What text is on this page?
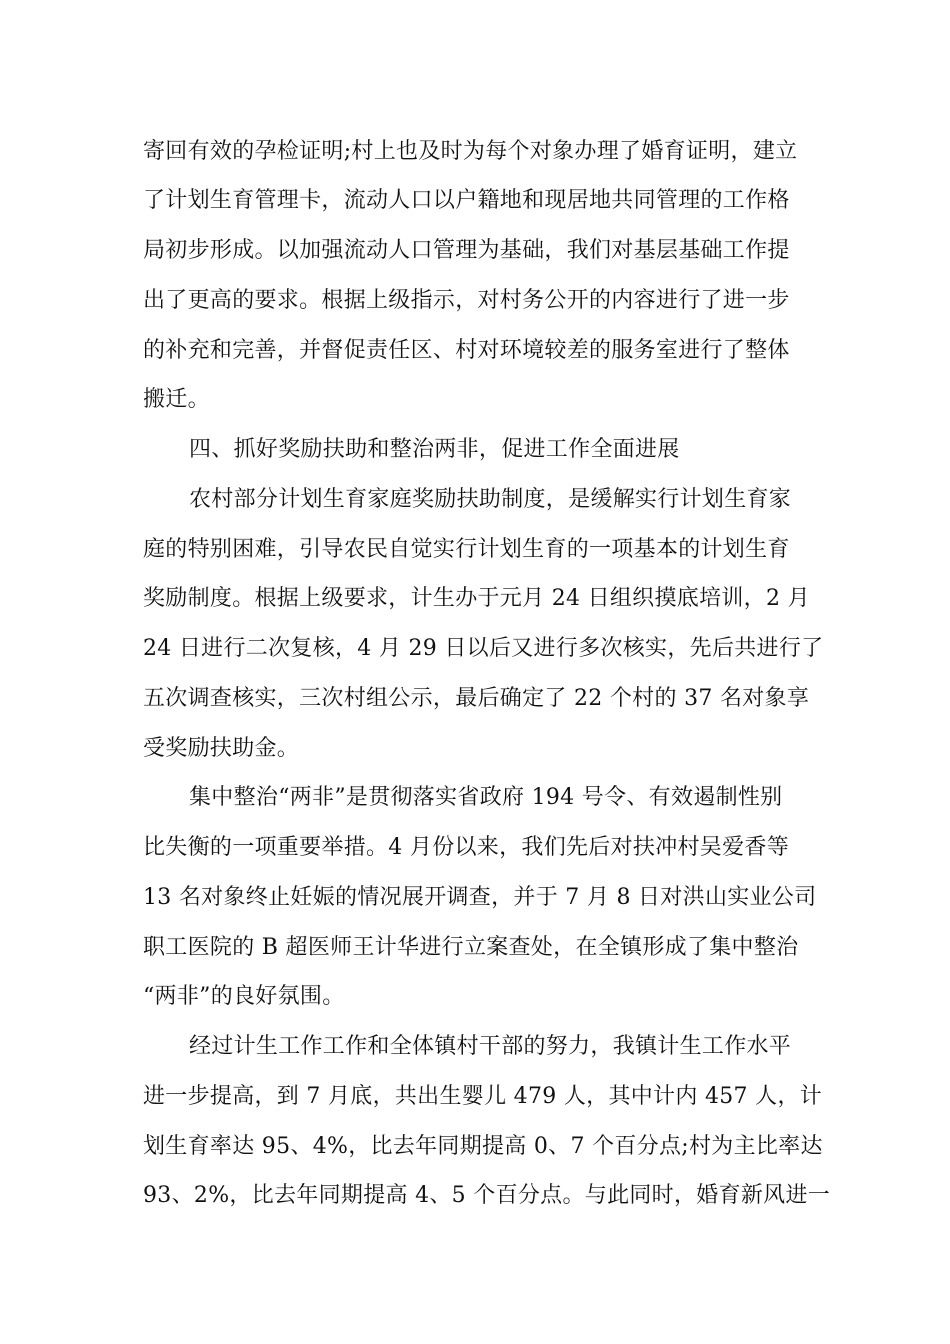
寄回有效的孕检证明;村上也及时为每个对象办理了婚育证明，建立
了计划生育管理卡，流动人口以户籍地和现居地共同管理的工作格
局初步形成。以加强流动人口管理为基础，我们对基层基础工作提
出了更高的要求。根据上级指示，对村务公开的内容进行了进一步
的补充和完善，并督促责任区、村对环境较差的服务室进行了整体
搬迁。
四、抓好奖励扶助和整治两非，促进工作全面进展
农村部分计划生育家庭奖励扶助制度，是缓解实行计划生育家
庭的特别困难，引导农民自觉实行计划生育的一项基本的计划生育
奖励制度。根据上级要求，计生办于元月 24 日组织摸底培训，2 月
24 日进行二次复核，4 月 29 日以后又进行多次核实，先后共进行了
五次调查核实，三次村组公示，最后确定了 22 个村的 37 名对象享
受奖励扶助金。
集中整治“两非”是贯彻落实省政府 194 号令、有效遏制性别
比失衡的一项重要举措。4 月份以来，我们先后对扶冲村吴爱香等
13 名对象终止妊娠的情况展开调查，并于 7 月 8 日对洪山实业公司
职工医院的 B 超医师王计华进行立案查处，在全镇形成了集中整治
“两非”的良好氛围。
经过计生工作工作和全体镇村干部的努力，我镇计生工作水平
进一步提高，到 7 月底，共出生婴儿 479 人，其中计内 457 人，计
划生育率达 95、4%，比去年同期提高 0、7 个百分点;村为主比率达
93、2%，比去年同期提高 4、5 个百分点。与此同时，婚育新风进一
